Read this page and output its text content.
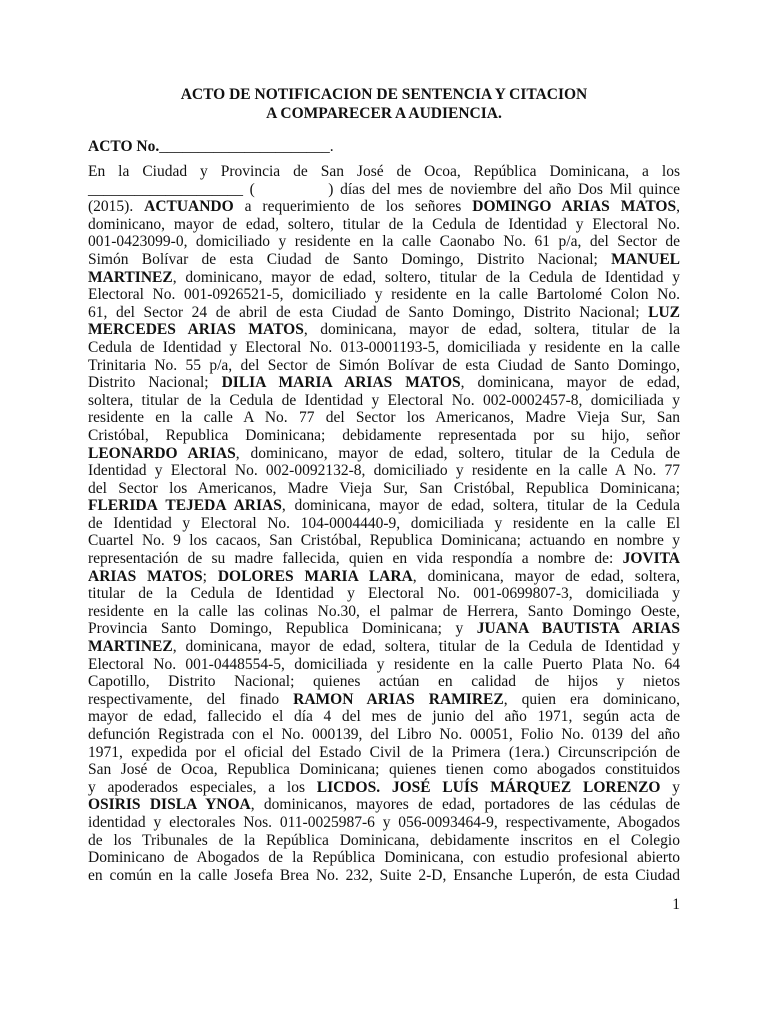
ACTO DE NOTIFICACION DE SENTENCIA Y CITACION
A COMPARECER A AUDIENCIA.
ACTO No.______________________.
En la Ciudad y Provincia de San José de Ocoa, República Dominicana, a los
____________________ (           ) días del mes de noviembre del año Dos Mil quince
(2015). ACTUANDO a requerimiento de los señores DOMINGO ARIAS MATOS,
dominicano, mayor de edad, soltero, titular de la Cedula de Identidad y Electoral No.
001-0423099-0, domiciliado y residente en la calle Caonabo No. 61 p/a, del Sector de
Simón Bolívar de esta Ciudad de Santo Domingo, Distrito Nacional; MANUEL
MARTINEZ, dominicano, mayor de edad, soltero, titular de la Cedula de Identidad y
Electoral No. 001-0926521-5, domiciliado y residente en la calle Bartolomé Colon No.
61, del Sector 24 de abril de esta Ciudad de Santo Domingo, Distrito Nacional; LUZ
MERCEDES ARIAS MATOS, dominicana, mayor de edad, soltera, titular de la
Cedula de Identidad y Electoral No. 013-0001193-5, domiciliada y residente en la calle
Trinitaria No. 55 p/a, del Sector de Simón Bolívar de esta Ciudad de Santo Domingo,
Distrito Nacional; DILIA MARIA ARIAS MATOS, dominicana, mayor de edad,
soltera, titular de la Cedula de Identidad y Electoral No. 002-0002457-8, domiciliada y
residente en la calle A No. 77 del Sector los Americanos, Madre Vieja Sur, San
Cristóbal, Republica Dominicana; debidamente representada por su hijo, señor
LEONARDO ARIAS, dominicano, mayor de edad, soltero, titular de la Cedula de
Identidad y Electoral No. 002-0092132-8, domiciliado y residente en la calle A No. 77
del Sector los Americanos, Madre Vieja Sur, San Cristóbal, Republica Dominicana;
FLERIDA TEJEDA ARIAS, dominicana, mayor de edad, soltera, titular de la Cedula
de Identidad y Electoral No. 104-0004440-9, domiciliada y residente en la calle El
Cuartel No. 9 los cacaos, San Cristóbal, Republica Dominicana; actuando en nombre y
representación de su madre fallecida, quien en vida respondía a nombre de: JOVITA
ARIAS MATOS; DOLORES MARIA LARA, dominicana, mayor de edad, soltera,
titular de la Cedula de Identidad y Electoral No. 001-0699807-3, domiciliada y
residente en la calle las colinas No.30, el palmar de Herrera, Santo Domingo Oeste,
Provincia Santo Domingo, Republica Dominicana; y JUANA BAUTISTA ARIAS
MARTINEZ, dominicana, mayor de edad, soltera, titular de la Cedula de Identidad y
Electoral No. 001-0448554-5, domiciliada y residente en la calle Puerto Plata No. 64
Capotillo, Distrito Nacional; quienes actúan en calidad de hijos y nietos
respectivamente, del finado RAMON ARIAS RAMIREZ, quien era dominicano,
mayor de edad, fallecido el día 4 del mes de junio del año 1971, según acta de
defunción Registrada con el No. 000139, del Libro No. 00051, Folio No. 0139 del año
1971, expedida por el oficial del Estado Civil de la Primera (1era.) Circunscripción de
San José de Ocoa, Republica Dominicana; quienes tienen como abogados constituidos
y apoderados especiales, a los LICDOS. JOSÉ LUÍS MÁRQUEZ LORENZO y
OSIRIS DISLA YNOA, dominicanos, mayores de edad, portadores de las cédulas de
identidad y electorales Nos. 011-0025987-6 y 056-0093464-9, respectivamente, Abogados
de los Tribunales de la República Dominicana, debidamente inscritos en el Colegio
Dominicano de Abogados de la República Dominicana, con estudio profesional abierto
en común en la calle Josefa Brea No. 232, Suite 2-D, Ensanche Luperón, de esta Ciudad
1
